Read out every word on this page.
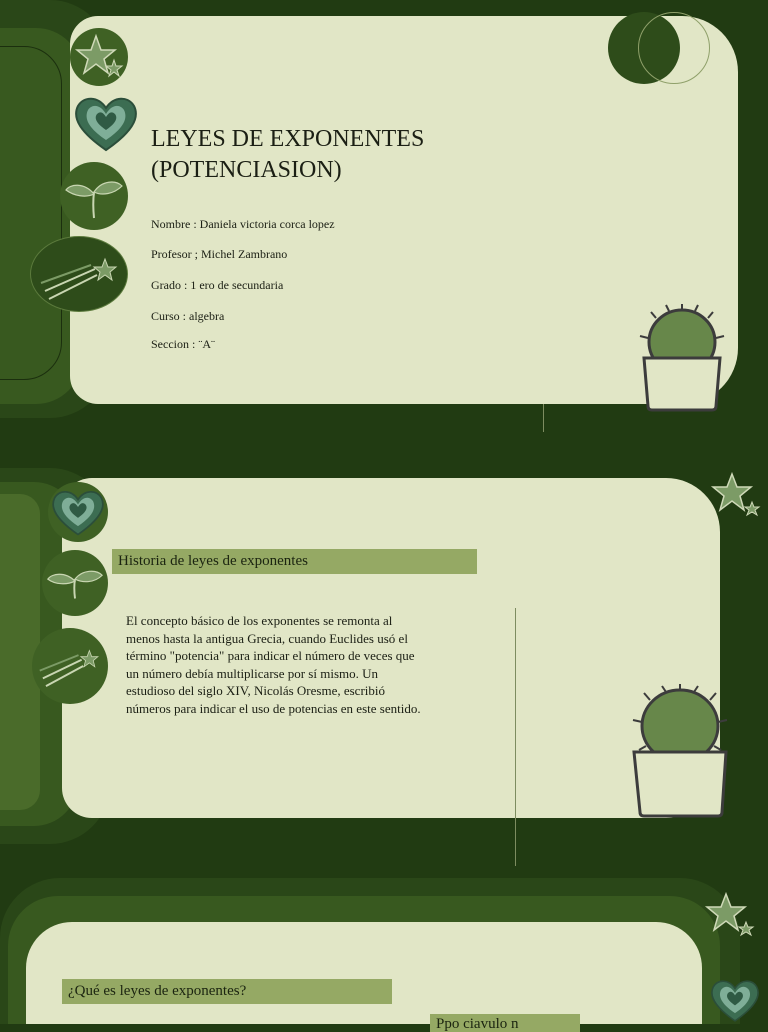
LEYES DE EXPONENTES
(POTENCIASION)
Nombre : Daniela victoria corca lopez
Profesor ; Michel Zambrano
Grado : 1 ero de secundaria
Curso : algebra
Seccion : ¨A¨
Historia de leyes de exponentes
El concepto básico de los exponentes se remonta al
menos hasta la antigua Grecia, cuando Euclides usó el
término "potencia" para indicar el número de veces que
un número debía multiplicarse por sí mismo. Un
estudioso del siglo XIV, Nicolás Oresme, escribió
números para indicar el uso de potencias en este sentido.
¿Qué es leyes de exponentes?
Ppo ciavulo n
